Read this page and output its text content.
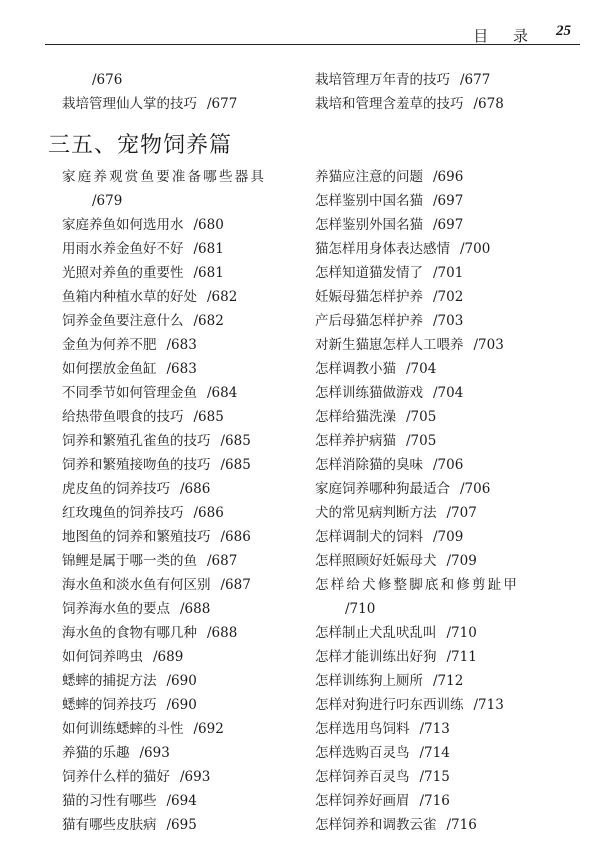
目 录 25
/676
栽培管理仙人掌的技巧 /677
栽培管理万年青的技巧 /677
栽培和管理含羞草的技巧 /678
三五、宠物饲养篇
家庭养观赏鱼要准备哪些器具
/679
家庭养鱼如何选用水 /680
用雨水养金鱼好不好 /681
光照对养鱼的重要性 /681
鱼箱内种植水草的好处 /682
饲养金鱼要注意什么 /682
金鱼为何养不肥 /683
如何摆放金鱼缸 /683
不同季节如何管理金鱼 /684
给热带鱼喂食的技巧 /685
饲养和繁殖孔雀鱼的技巧 /685
饲养和繁殖接吻鱼的技巧 /685
虎皮鱼的饲养技巧 /686
红玫瑰鱼的饲养技巧 /686
地图鱼的饲养和繁殖技巧 /686
锦鲤是属于哪一类的鱼 /687
海水鱼和淡水鱼有何区别 /687
饲养海水鱼的要点 /688
海水鱼的食物有哪几种 /688
如何饲养鸣虫 /689
蟋蟀的捕捉方法 /690
蟋蟀的饲养技巧 /690
如何训练蟋蟀的斗性 /692
养猫的乐趣 /693
饲养什么样的猫好 /693
猫的习性有哪些 /694
猫有哪些皮肤病 /695
养猫应注意的问题 /696
怎样鉴别中国名猫 /697
怎样鉴别外国名猫 /697
猫怎样用身体表达感情 /700
怎样知道猫发情了 /701
妊娠母猫怎样护养 /702
产后母猫怎样护养 /703
对新生猫崽怎样人工喂养 /703
怎样调教小猫 /704
怎样训练猫做游戏 /704
怎样给猫洗澡 /705
怎样养护病猫 /705
怎样消除猫的臭味 /706
家庭饲养哪种狗最适合 /706
犬的常见病判断方法 /707
怎样调制犬的饲料 /709
怎样照顾好妊娠母犬 /709
怎样给犬修整脚底和修剪趾甲
/710
怎样制止犬乱吠乱叫 /710
怎样才能训练出好狗 /711
怎样训练狗上厕所 /712
怎样对狗进行叼东西训练 /713
怎样选用鸟饲料 /713
怎样选购百灵鸟 /714
怎样饲养百灵鸟 /715
怎样饲养好画眉 /716
怎样饲养和调教云雀 /716
